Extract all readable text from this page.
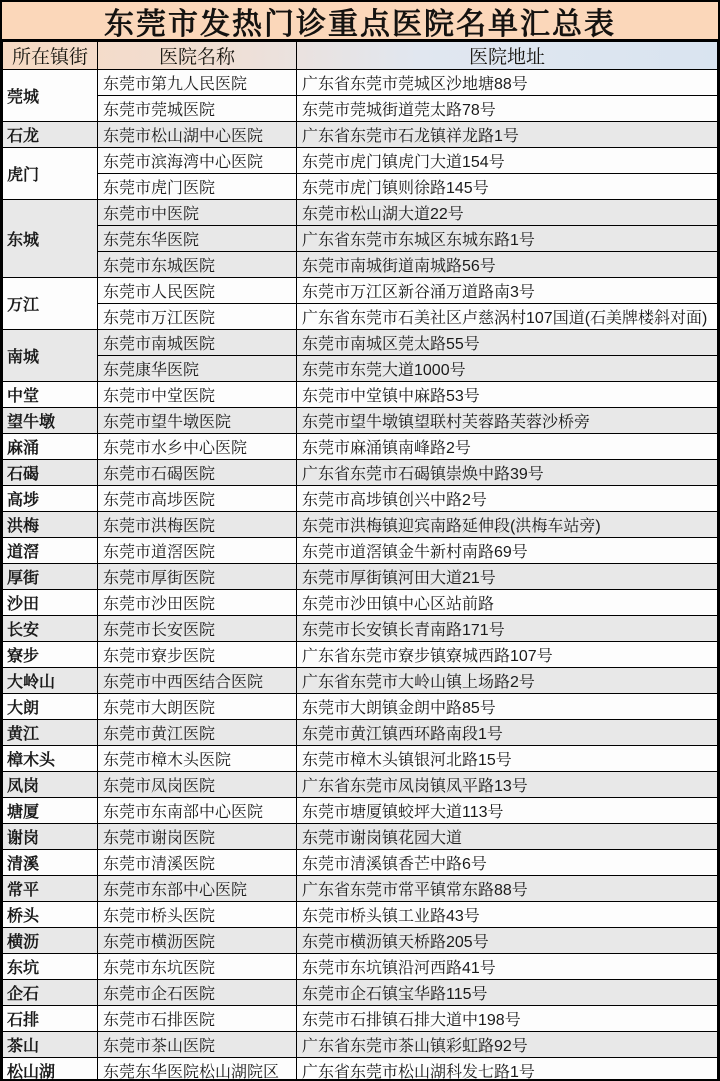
东莞市发热门诊重点医院名单汇总表
所在镇街	医院名称	医院地址
莞城	东莞市第九人民医院	广东省东莞市莞城区沙地塘88号
	东莞市莞城医院	东莞市莞城街道莞太路78号
石龙	东莞市松山湖中心医院	广东省东莞市石龙镇祥龙路1号
虎门	东莞市滨海湾中心医院	东莞市虎门镇虎门大道154号
	东莞市虎门医院	东莞市虎门镇则徐路145号
东城	东莞市中医院	东莞市松山湖大道22号
	东莞东华医院	广东省东莞市东城区东城东路1号
	东莞市东城医院	东莞市南城街道南城路56号
万江	东莞市人民医院	东莞市万江区新谷涌万道路南3号
	东莞市万江医院	广东省东莞市石美社区卢慈涡村107国道(石美牌楼斜对面)
南城	东莞市南城医院	东莞市南城区莞太路55号
	东莞康华医院	东莞市东莞大道1000号
中堂	东莞市中堂医院	东莞市中堂镇中麻路53号
望牛墩	东莞市望牛墩医院	东莞市望牛墩镇望联村芙蓉路芙蓉沙桥旁
麻涌	东莞市水乡中心医院	东莞市麻涌镇南峰路2号
石碣	东莞市石碣医院	广东省东莞市石碣镇崇焕中路39号
高埗	东莞市高埗医院	东莞市高埗镇创兴中路2号
洪梅	东莞市洪梅医院	东莞市洪梅镇迎宾南路延伸段(洪梅车站旁)
道滘	东莞市道滘医院	东莞市道滘镇金牛新村南路69号
厚街	东莞市厚街医院	东莞市厚街镇河田大道21号
沙田	东莞市沙田医院	东莞市沙田镇中心区站前路
长安	东莞市长安医院	东莞市长安镇长青南路171号
寮步	东莞市寮步医院	广东省东莞市寮步镇寮城西路107号
大岭山	东莞市中西医结合医院	广东省东莞市大岭山镇上场路2号
大朗	东莞市大朗医院	东莞市大朗镇金朗中路85号
黄江	东莞市黄江医院	东莞市黄江镇西环路南段1号
樟木头	东莞市樟木头医院	东莞市樟木头镇银河北路15号
凤岗	东莞市凤岗医院	广东省东莞市凤岗镇凤平路13号
塘厦	东莞市东南部中心医院	东莞市塘厦镇蛟坪大道113号
谢岗	东莞市谢岗医院	东莞市谢岗镇花园大道
清溪	东莞市清溪医院	东莞市清溪镇香芒中路6号
常平	东莞市东部中心医院	广东省东莞市常平镇常东路88号
桥头	东莞市桥头医院	东莞市桥头镇工业路43号
横沥	东莞市横沥医院	东莞市横沥镇天桥路205号
东坑	东莞市东坑医院	东莞市东坑镇沿河西路41号
企石	东莞市企石医院	东莞市企石镇宝华路115号
石排	东莞市石排医院	东莞市石排镇石排大道中198号
茶山	东莞市茶山医院	广东省东莞市茶山镇彩虹路92号
松山湖	东莞东华医院松山湖院区	广东省东莞市松山湖科发七路1号
